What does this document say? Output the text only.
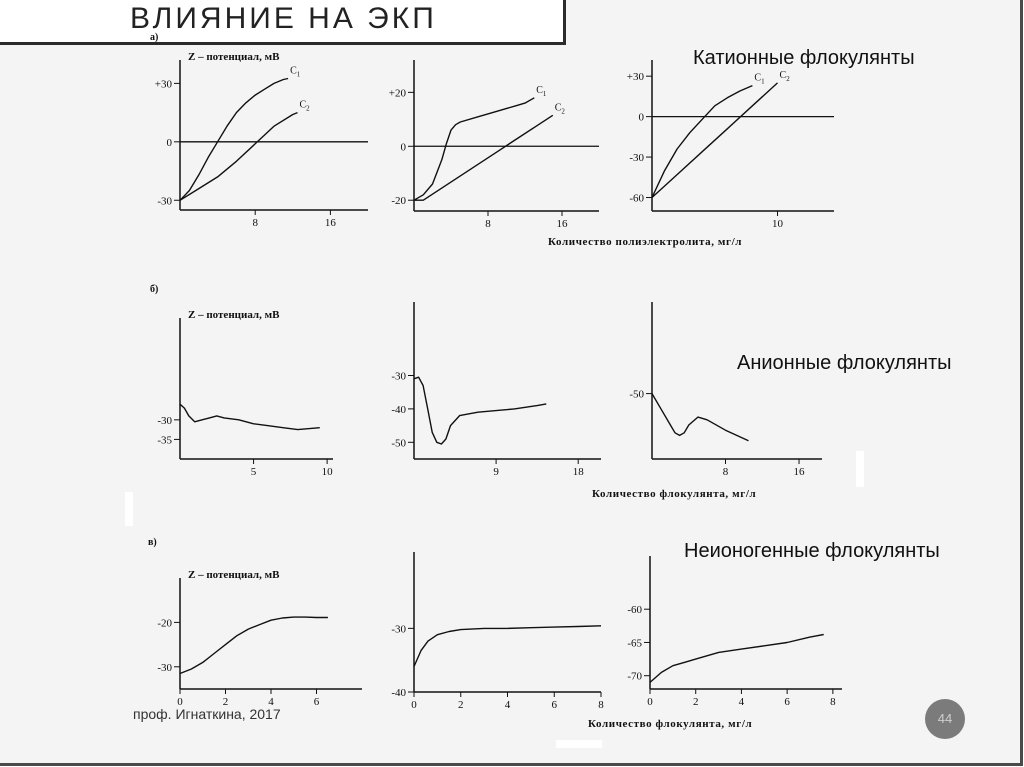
ВЛИЯНИЕ НА ЭКП
Катионные флокулянты
Анионные флокулянты
Неионогенные флокулянты
а)
б)
в)
Количество полиэлектролита, мг/л
Количество флокулянта, мг/л
Количество флокулянта, мг/л
+30
0
-30
8	16
Z – потенциал, мВ
$C_1$
$C_2$
+20
0
-20
8	16
$C_1$
$C_2$
+30
0
-30
-60
10
$C_1$
$C_2$
-30
-35
5	10
Z – потенциал, мВ
-30
-40
-50
9	18
-50
8	16
-20
-30
0	2	4	6
Z – потенциал, мВ
-30
-40
0	2	4	6	8
-60
-65
-70
0	2	4	6	8
проф. Игнаткина, 2017	44
